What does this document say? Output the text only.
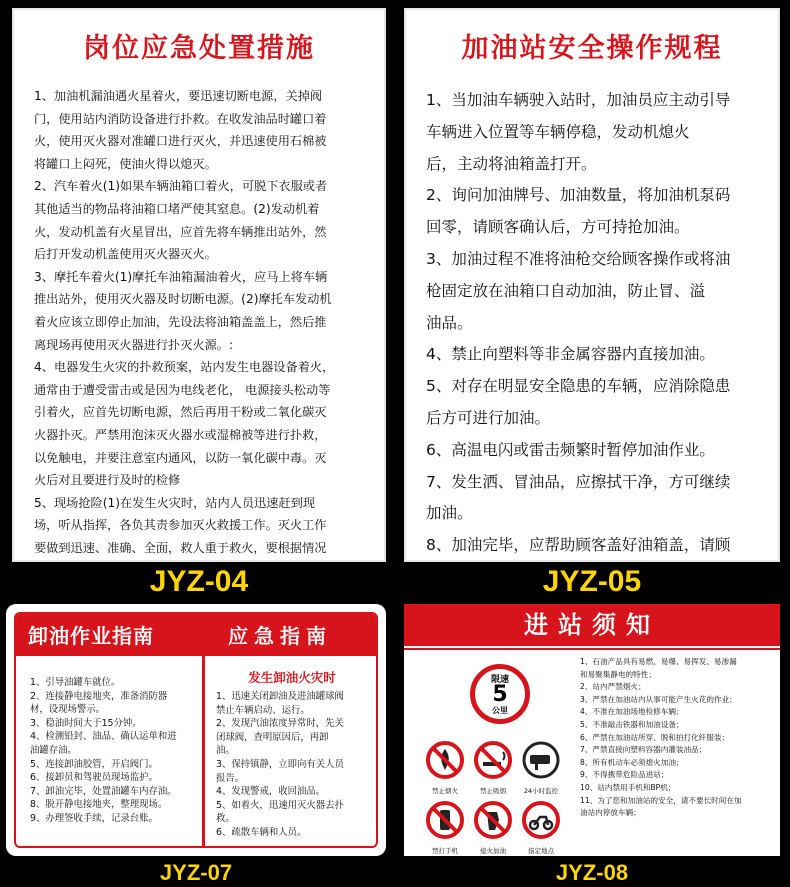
岗位应急处置措施

1、加油机漏油遇火星着火，要迅速切断电源，关掉阀

门，使用站内消防设备进行扑救。在收发油品时罐口着

火，使用灭火器对准罐口进行灭火，并迅速使用石棉被

将罐口上闷死，使油火得以熄灭。

2、汽车着火(1)如果车辆油箱口着火，可脱下衣服或者

其他适当的物品将油箱口堵严使其窒息。(2)发动机着

火，发动机盖有火星冒出，应首先将车辆推出站外，然

后打开发动机盖使用灭火器灭火。

3、摩托车着火(1)摩托车油箱漏油着火，应马上将车辆

推出站外，使用灭火器及时切断电源。(2)摩托车发动机

着火应该立即停止加油，先设法将油箱盖盖上，然后推

离现场再使用灭火器进行扑灭火源。:

4、电器发生火灾的扑救预案，站内发生电器设备着火，

通常由于遭受雷击或是因为电线老化， 电源接头松动等

引着火，应首先切断电源，然后再用干粉或二氧化碳灭

火器扑灭。严禁用泡沫灭火器水或湿棉被等进行扑救，

以免触电，并要注意室内通风，以防一氧化碳中毒。灭

火后对且要进行及时的检修

5、现场抢险(1)在发生火灾时，站内人员迅速赶到现

场，听从指挥，各负其责参加灭火救援工作。灭火工作

要做到迅速、准确、全面，救人重于救火，要根据情况

JYZ-04
加油站安全操作规程

1、当加油车辆驶入站时，加油员应主动引导

车辆进入位置等车辆停稳，发动机熄火

后，主动将油箱盖打开。

2、询问加油牌号、加油数量，将加油机泵码

回零，请顾客确认后，方可持抢加油。

3、加油过程不准将油枪交给顾客操作或将油

枪固定放在油箱口自动加油，防止冒、溢

油品。

4、禁止向塑料等非金属容器内直接加油。

5、对存在明显安全隐患的车辆，应消除隐患

后方可进行加油。

6、高温电闪或雷击频繁时暂停加油作业。

7、发生洒、冒油品，应擦拭干净，方可继续

加油。

8、加油完毕，应帮助顾客盖好油箱盖，请顾

JYZ-05
卸油作业指南	应急指南

1、引导油罐车就位。

2、连接静电接地夹，准备消防器

材，设现场警示。

3、稳油时间大于15分钟。

4、检测铅封、油品、确认运单和进

油罐存油。

5、连接卸油胶管，开启阀门。

6、接卸员和驾驶员现场监护。

7、卸油完毕，处置油罐车内存油。

8、脱开静电接地夹，整理现场。

9、办理签收手续，记录台账。

发生卸油火灾时

1、迅速关闭卸油及进油罐球阀

禁止车辆启动、运行。

2、发现汽油浓度异常时，先关

闭球阀，查明原因后，再卸

油。

3、保持镇静，立即向有关人员

报告。

4、发现警戒，收回油品。

5、如着火，迅速用灭火器去扑

救。

6、疏散车辆和人员。

JYZ-07
进站须知
限速
5
公里
禁止烟火	禁止吸烟	24小时监控
禁打手机	熄火加油	指定地点

1、石油产品具有易燃、易爆、易挥发、易渗漏

和易聚集静电的特性；

2、站内严禁烟火；

3、严禁在加油站内从事可能产生火花的作业；

4、不准在加油场地检修车辆；

5、不准敲击铁器和加油设备；

6、严禁在加油站所穿、脱和拍打化纤服装；

7、严禁直接向塑料容器内灌装油品；

8、所有机动车必须熄火加油；

9、不得携带危险品进站；

10、站内禁用手机和BP机；

11、为了您和加油站的安全，请不要长时间在加

油站内停放车辆；

JYZ-08
